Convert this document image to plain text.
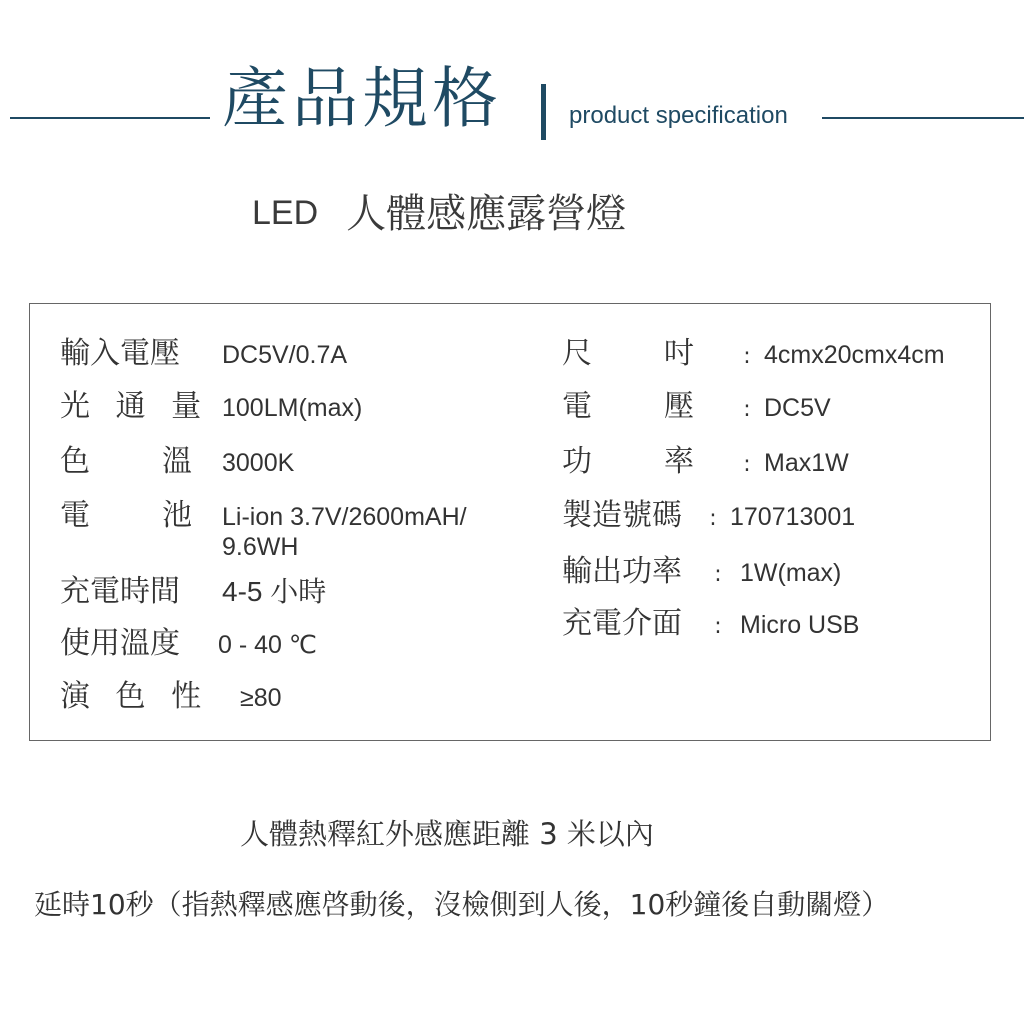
產品規格	product specification
LED 人體感應露營燈
輸入電壓	DC5V/0.7A
光 通 量 100LM(max)
色　　溫	3000K
電　　池	Li-ion 3.7V/2600mAH/
9.6WH
充電時間	4-5 小時
使用溫度	0 - 40 ℃
演 色 性	≥80
尺　　吋	: 4cmx20cmx4cm
電　　壓	: DC5V
功　　率	: Max1W
製造號碼	: 170713001
輸出功率	: 1W(max)
充電介面	: Micro USB
人體熱釋紅外感應距離 3 米以內
延時10秒（指熱釋感應啓動後，沒檢側到人後，10秒鐘後自動關燈）
